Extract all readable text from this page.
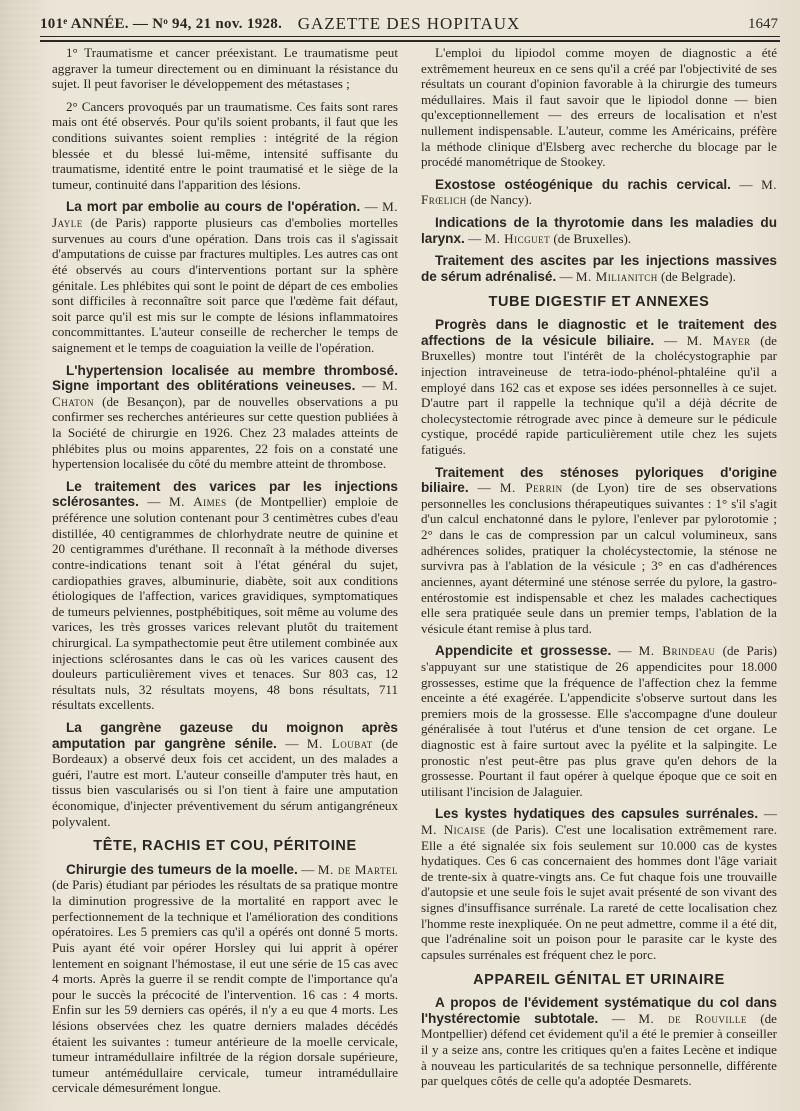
101ᵉ ANNÉE. — Nᵒ 94, 21 nov. 1928. GAZETTE DES HOPITAUX	1647

1° Traumatisme et cancer préexistant. Le traumatisme peut aggraver la tumeur directement ou en diminuant la résistance du sujet. Il peut favoriser le développement des métastases ;

2° Cancers provoqués par un traumatisme. Ces faits sont rares mais ont été observés. Pour qu'ils soient probants, il faut que les conditions suivantes soient remplies : intégrité de la région blessée et du blessé lui-même, intensité suffisante du traumatisme, identité entre le point traumatisé et le siège de la tumeur, continuité dans l'apparition des lésions.

La mort par embolie au cours de l'opération. — M. Jayle (de Paris) rapporte plusieurs cas d'embolies mortelles survenues au cours d'une opération. Dans trois cas il s'agissait d'amputations de cuisse par fractures multiples. Les autres cas ont été observés au cours d'interventions portant sur la sphère génitale. Les phlébites qui sont le point de départ de ces embolies sont difficiles à reconnaître soit parce que l'œdème fait défaut, soit parce qu'il est mis sur le compte de lésions inflammatoires concommittantes. L'auteur conseille de rechercher le temps de saignement et le temps de coaguiation la veille de l'opération.

L'hypertension localisée au membre thrombosé. Signe important des oblitérations veineuses. — M. Chaton (de Besançon), par de nouvelles observations a pu confirmer ses recherches antérieures sur cette question publiées à la Société de chirurgie en 1926. Chez 23 malades atteints de phlébites plus ou moins apparentes, 22 fois on a constaté une hypertension localisée du côté du membre atteint de thrombose.

Le traitement des varices par les injections sclérosantes. — M. Aimes (de Montpellier) emploie de préférence une solution contenant pour 3 centimètres cubes d'eau distillée, 40 centigrammes de chlorhydrate neutre de quinine et 20 centigrammes d'uréthane. Il reconnaît à la méthode diverses contre-indications tenant soit à l'état général du sujet, cardiopathies graves, albuminurie, diabète, soit aux conditions étiologiques de l'affection, varices gravidiques, symptomatiques de tumeurs pelviennes, postphébitiques, soit même au volume des varices, les très grosses varices relevant plutôt du traitement chirurgical. La sympathectomie peut être utilement combinée aux injections sclérosantes dans le cas où les varices causent des douleurs particulièrement vives et tenaces. Sur 803 cas, 12 résultats nuls, 32 résultats moyens, 48 bons résultats, 711 résultats excellents.

La gangrène gazeuse du moignon après amputation par gangrène sénile. — M. Loubat (de Bordeaux) a observé deux fois cet accident, un des malades a guéri, l'autre est mort. L'auteur conseille d'amputer très haut, en tissus bien vascularisés ou si l'on tient à faire une amputation économique, d'injecter préventivement du sérum antigangréneux polyvalent.

TÊTE, RACHIS ET COU, PÉRITOINE

Chirurgie des tumeurs de la moelle. — M. de Martel (de Paris) étudiant par périodes les résultats de sa pratique montre la diminution progressive de la mortalité en rapport avec le perfectionnement de la technique et l'amélioration des conditions opératoires. Les 5 premiers cas qu'il a opérés ont donné 5 morts. Puis ayant été voir opérer Horsley qui lui apprit à opérer lentement en soignant l'hémostase, il eut une série de 15 cas avec 4 morts. Après la guerre il se rendit compte de l'importance qu'a pour le succès la précocité de l'intervention. 16 cas : 4 morts. Enfin sur les 59 derniers cas opérés, il n'y a eu que 4 morts. Les lésions observées chez les quatre derniers malades décédés étaient les suivantes : tumeur antérieure de la moelle cervicale, tumeur intramédullaire infiltrée de la région dorsale supérieure, tumeur antémédullaire cervicale, tumeur intramédullaire cervicale démesurément longue.

L'emploi du lipiodol comme moyen de diagnostic a été extrêmement heureux en ce sens qu'il a créé par l'objectivité de ses résultats un courant d'opinion favorable à la chirurgie des tumeurs médullaires. Mais il faut savoir que le lipiodol donne — bien qu'exceptionnellement — des erreurs de localisation et n'est nullement indispensable. L'auteur, comme les Américains, préfère la méthode clinique d'Elsberg avec recherche du blocage par le procédé manométrique de Stookey.

Exostose ostéogénique du rachis cervical. — M. Frœlich (de Nancy).

Indications de la thyrotomie dans les maladies du larynx. — M. Hicguet (de Bruxelles).

Traitement des ascites par les injections massives de sérum adrénalisé. — M. Milianitch (de Belgrade).

TUBE DIGESTIF ET ANNEXES

Progrès dans le diagnostic et le traitement des affections de la vésicule biliaire. — M. Mayer (de Bruxelles) montre tout l'intérêt de la cholécystographie par injection intraveineuse de tetra-iodo-phénol-phtaléine qu'il a employé dans 162 cas et expose ses idées personnelles à ce sujet. D'autre part il rappelle la technique qu'il a déjà décrite de cholecystectomie rétrograde avec pince à demeure sur le pédicule cystique, procédé rapide particulièrement utile chez les sujets fatigués.

Traitement des sténoses pyloriques d'origine biliaire. — M. Perrin (de Lyon) tire de ses observations personnelles les conclusions thérapeutiques suivantes : 1° s'il s'agit d'un calcul enchatonné dans le pylore, l'enlever par pylorotomie ; 2° dans le cas de compression par un calcul volumineux, sans adhérences solides, pratiquer la cholécystectomie, la sténose ne survivra pas à l'ablation de la vésicule ; 3° en cas d'adhérences anciennes, ayant déterminé une sténose serrée du pylore, la gastro-entérostomie est indispensable et chez les malades cachectiques elle sera pratiquée seule dans un premier temps, l'ablation de la vésicule étant remise à plus tard.

Appendicite et grossesse. — M. Brindeau (de Paris) s'appuyant sur une statistique de 26 appendicites pour 18.000 grossesses, estime que la fréquence de l'affection chez la femme enceinte a été exagérée. L'appendicite s'observe surtout dans les premiers mois de la grossesse. Elle s'accompagne d'une douleur généralisée à tout l'utérus et d'une tension de cet organe. Le diagnostic est à faire surtout avec la pyélite et la salpingite. Le pronostic n'est peut-être pas plus grave qu'en dehors de la grossesse. Pourtant il faut opérer à quelque époque que ce soit en utilisant l'incision de Jalaguier.

Les kystes hydatiques des capsules surrénales. — M. Nicaise (de Paris). C'est une localisation extrêmement rare. Elle a été signalée six fois seulement sur 10.000 cas de kystes hydatiques. Ces 6 cas concernaient des hommes dont l'âge variait de trente-six à quatre-vingts ans. Ce fut chaque fois une trouvaille d'autopsie et une seule fois le sujet avait présenté de son vivant des signes d'insuffisance surrénale. La rareté de cette localisation chez l'homme reste inexpliquée. On ne peut admettre, comme il a été dit, que l'adrénaline soit un poison pour le parasite car le kyste des capsules surrénales est fréquent chez le porc.

APPAREIL GÉNITAL ET URINAIRE

A propos de l'évidement systématique du col dans l'hystérectomie subtotale. — M. de Rouville (de Montpellier) défend cet évidement qu'il a été le premier à conseiller il y a seize ans, contre les critiques qu'en a faites Lecène et indique à nouveau les particularités de sa technique personnelle, différente par quelques côtés de celle qu'a adoptée Desmarets.
